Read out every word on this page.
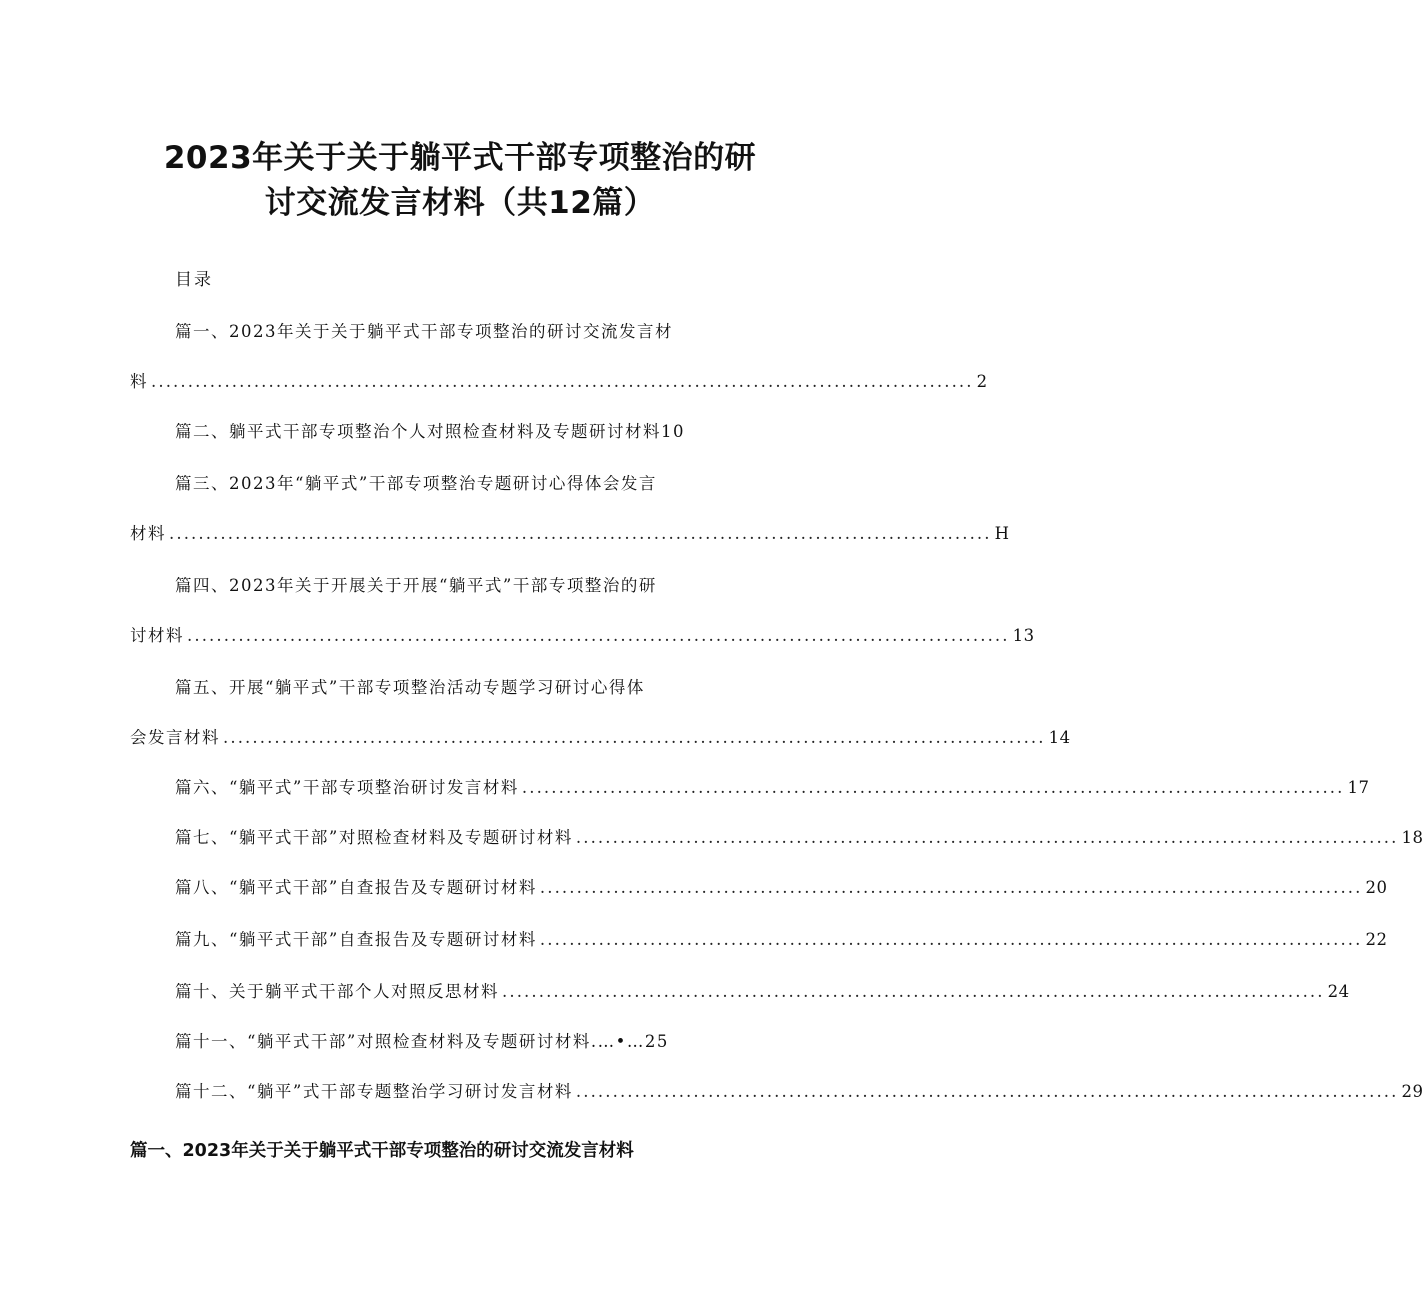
2023年关于关于躺平式干部专项整治的研
讨交流发言材料（共12篇）
目录
篇一、2023年关于关于躺平式干部专项整治的研讨交流发言材
料 ................................................................................................................ 2
篇二、躺平式干部专项整治个人对照检查材料及专题研讨材料10
篇三、2023年“躺平式”干部专项整治专题研讨心得体会发言
材料 ................................................................................................................ H
篇四、2023年关于开展关于开展“躺平式”干部专项整治的研
讨材料 ................................................................................................................ 13
篇五、开展“躺平式”干部专项整治活动专题学习研讨心得体
会发言材料 ................................................................................................................ 14
篇六、“躺平式”干部专项整治研讨发言材料 ................................................................................................................ 17
篇七、“躺平式干部”对照检查材料及专题研讨材料 ................................................................................................................ 18
篇八、“躺平式干部”自查报告及专题研讨材料 ................................................................................................................ 20
篇九、“躺平式干部”自查报告及专题研讨材料 ................................................................................................................ 22
篇十、关于躺平式干部个人对照反思材料 ................................................................................................................ 24
篇十一、“躺平式干部”对照检查材料及专题研讨材料.…•…25
篇十二、“躺平”式干部专题整治学习研讨发言材料 ................................................................................................................ 29
篇一、2023年关于关于躺平式干部专项整治的研讨交流发言材料
